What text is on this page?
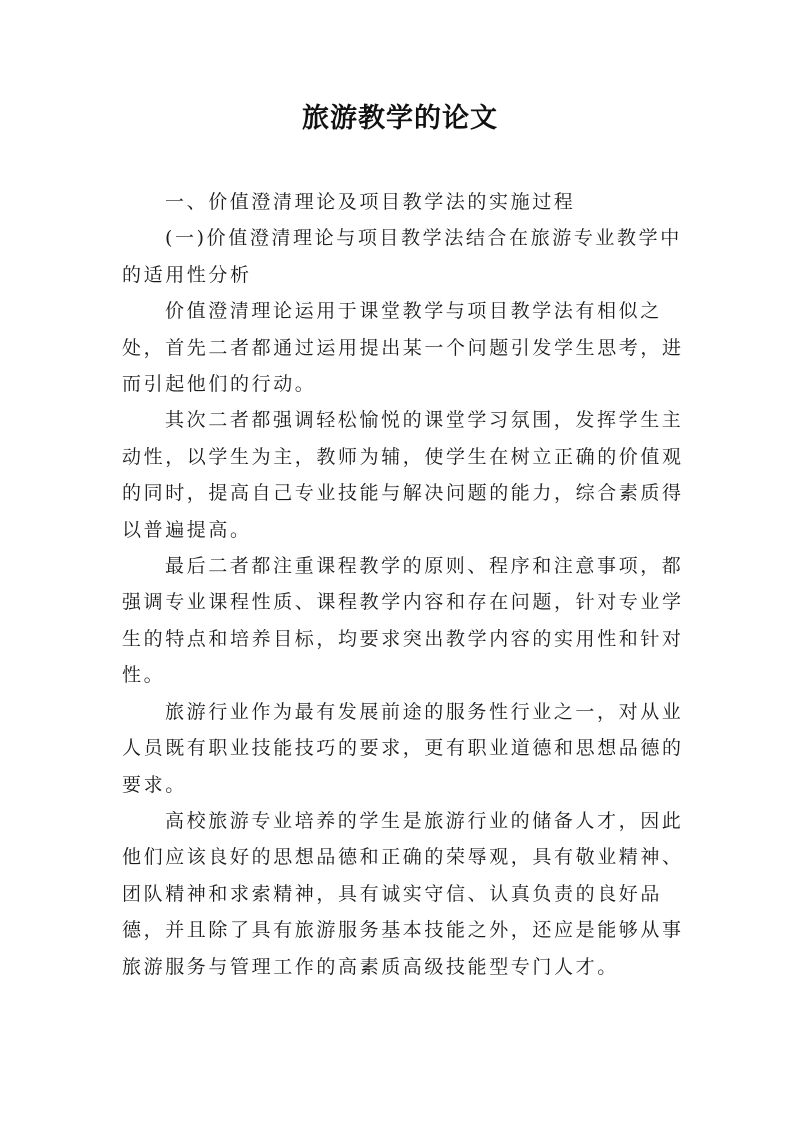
旅游教学的论文

一、价值澄清理论及项目教学法的实施过程

(一)价值澄清理论与项目教学法结合在旅游专业教学中的适用性分析

价值澄清理论运用于课堂教学与项目教学法有相似之处，首先二者都通过运用提出某一个问题引发学生思考，进而引起他们的行动。

其次二者都强调轻松愉悦的课堂学习氛围，发挥学生主动性，以学生为主，教师为辅，使学生在树立正确的价值观的同时，提高自己专业技能与解决问题的能力，综合素质得以普遍提高。

最后二者都注重课程教学的原则、程序和注意事项，都强调专业课程性质、课程教学内容和存在问题，针对专业学生的特点和培养目标，均要求突出教学内容的实用性和针对性。

旅游行业作为最有发展前途的服务性行业之一，对从业人员既有职业技能技巧的要求，更有职业道德和思想品德的要求。

高校旅游专业培养的学生是旅游行业的储备人才，因此他们应该良好的思想品德和正确的荣辱观，具有敬业精神、团队精神和求索精神，具有诚实守信、认真负责的良好品德，并且除了具有旅游服务基本技能之外，还应是能够从事旅游服务与管理工作的高素质高级技能型专门人才。
